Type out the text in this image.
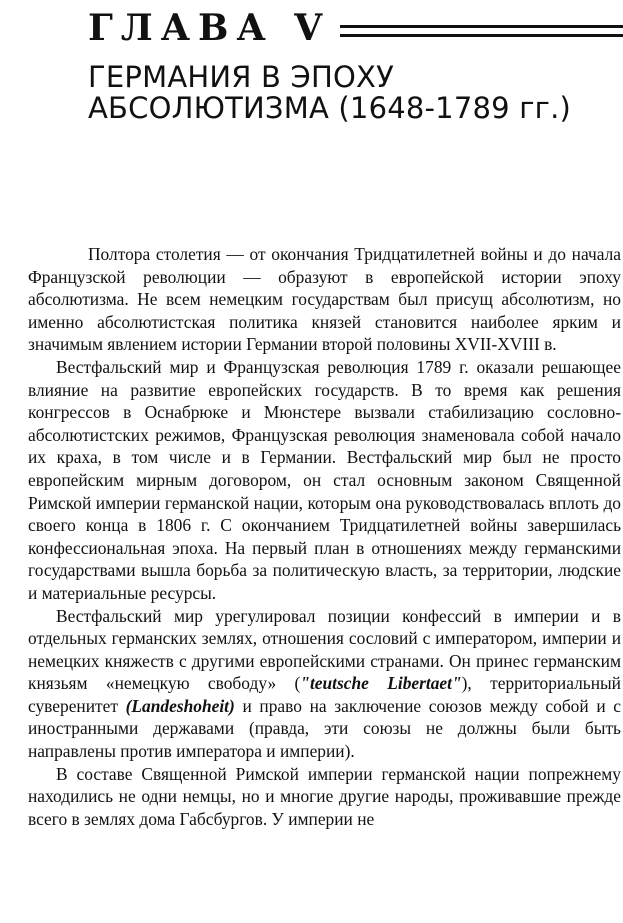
ГЛАВА V
ГЕРМАНИЯ В ЭПОХУ
АБСОЛЮТИЗМА (1648-1789 гг.)

Полтора столетия — от окончания Тридцатилетней войны и до начала Французской революции — образуют в европейской истории эпоху абсолютизма. Не всем немецким государствам был присущ абсолютизм, но именно абсолютистская политика князей становится наиболее ярким и значимым явлением истории Германии второй половины XVII-XVIII в.

Вестфальский мир и Французская революция 1789 г. оказали решающее влияние на развитие европейских государств. В то время как решения конгрессов в Оснабрюке и Мюнстере вызвали стабилизацию сословно-абсолютистских режимов, Французская революция знаменовала собой начало их краха, в том числе и в Германии. Вестфальский мир был не просто европейским мирным договором, он стал основным законом Священной Римской империи германской нации, которым она руководствовалась вплоть до своего конца в 1806 г. С окончанием Тридцатилетней войны завершилась конфессиональная эпоха. На первый план в отношениях между германскими государствами вышла борьба за политическую власть, за территории, людские и материальные ресурсы.

Вестфальский мир урегулировал позиции конфессий в империи и в отдельных германских землях, отношения сословий с императором, империи и немецких княжеств с другими европейскими странами. Он принес германским князьям «немецкую свободу» ("teutsche Libertaet"), территориальный суверенитет (Landeshoheit) и право на заключение союзов между собой и с иностранными державами (правда, эти союзы не должны были быть направлены против императора и империи).

В составе Священной Римской империи германской нации попрежнему находились не одни немцы, но и многие другие народы, проживавшие прежде всего в землях дома Габсбургов. У империи не
